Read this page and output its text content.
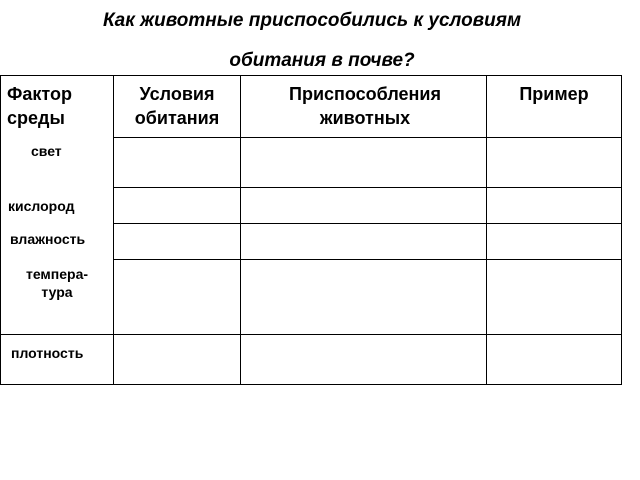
Как животные приспособились к условиям
обитания в почве?
Фактор
среды
Условия
обитания
Приспособления
животных
Пример
свет
кислород
влажность
темпера-
тура
плотность
